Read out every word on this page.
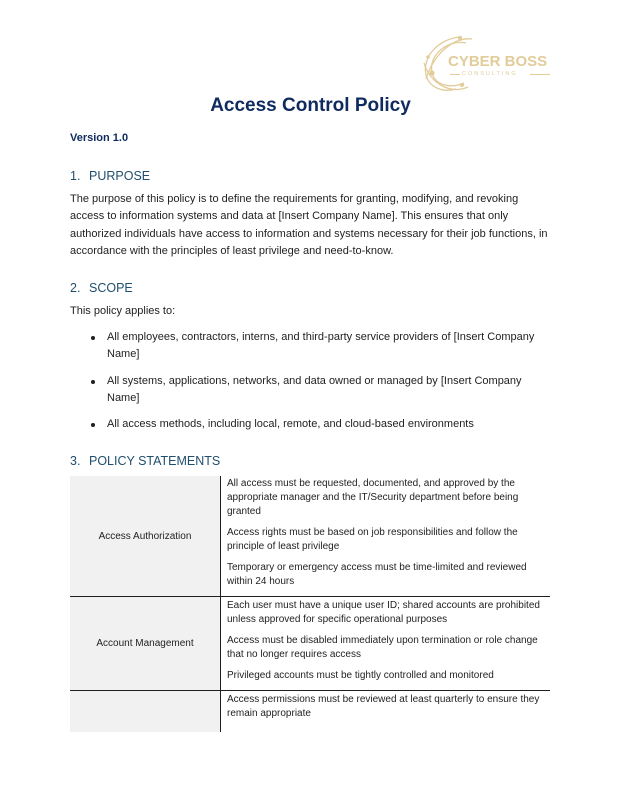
CYBER BOSS
CONSULTING
Access Control Policy
Version 1.0
1. PURPOSE
The purpose of this policy is to define the requirements for granting, modifying, and revoking access to information systems and data at [Insert Company Name]. This ensures that only authorized individuals have access to information and systems necessary for their job functions, in accordance with the principles of least privilege and need-to-know.
2. SCOPE
This policy applies to:
All employees, contractors, interns, and third-party service providers of [Insert Company Name]
All systems, applications, networks, and data owned or managed by [Insert Company Name]
All access methods, including local, remote, and cloud-based environments
3. POLICY STATEMENTS
Access Authorization

All access must be requested, documented, and approved by the appropriate manager and the IT/Security department before being granted

Access rights must be based on job responsibilities and follow the principle of least privilege

Temporary or emergency access must be time-limited and reviewed within 24 hours

Account Management

Each user must have a unique user ID; shared accounts are prohibited unless approved for specific operational purposes

Access must be disabled immediately upon termination or role change that no longer requires access

Privileged accounts must be tightly controlled and monitored

Access permissions must be reviewed at least quarterly to ensure they remain appropriate
